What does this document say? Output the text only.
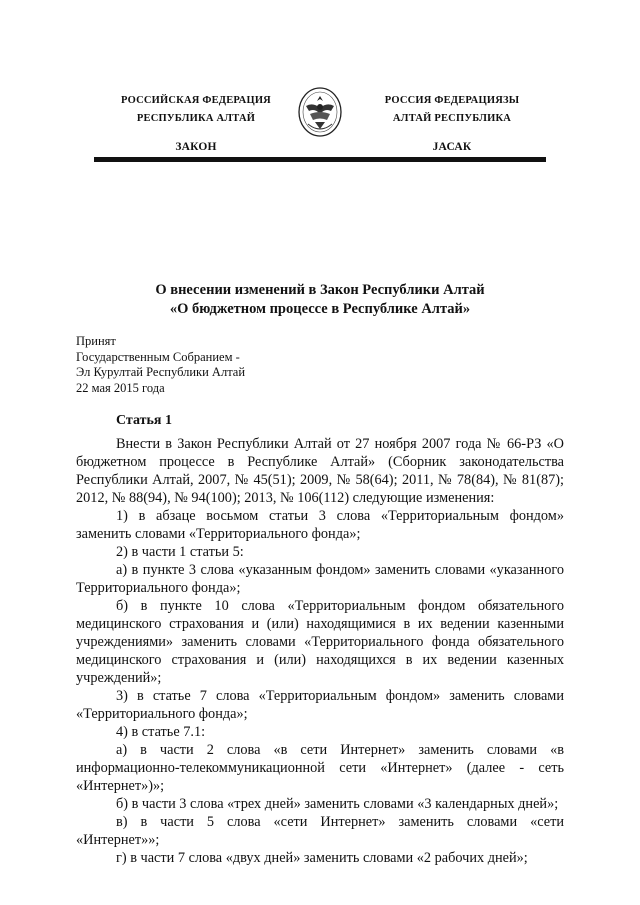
РОССИЙСКАЯ ФЕДЕРАЦИЯ
РЕСПУБЛИКА АЛТАЙ
ЗАКОН
РОССИЯ ФЕДЕРАЦИЯЗЫ
АЛТАЙ РЕСПУБЛИКА
JАСАК
О внесении изменений в Закон Республики Алтай
«О бюджетном процессе в Республике Алтай»
Принят
Государственным Собранием -
Эл Курултай Республики Алтай
22 мая 2015 года
Статья 1

Внести в Закон Республики Алтай от 27 ноября 2007 года № 66-РЗ «О бюджетном процессе в Республике Алтай» (Сборник законодательства Республики Алтай, 2007, № 45(51); 2009, № 58(64); 2011, № 78(84), № 81(87); 2012, № 88(94), № 94(100); 2013, № 106(112) следующие изменения:

1) в абзаце восьмом статьи 3 слова «Территориальным фондом» заменить словами «Территориального фонда»;

2) в части 1 статьи 5:

а) в пункте 3 слова «указанным фондом» заменить словами «указанного Территориального фонда»;

б) в пункте 10 слова «Территориальным фондом обязательного медицинского страхования и (или) находящимися в их ведении казенными учреждениями» заменить словами «Территориального фонда обязательного медицинского страхования и (или) находящихся в их ведении казенных учреждений»;

3) в статье 7 слова «Территориальным фондом» заменить словами «Территориального фонда»;

4) в статье 7.1:

а) в части 2 слова «в сети Интернет» заменить словами «в информационно-телекоммуникационной сети «Интернет» (далее - сеть «Интернет»)»;

б) в части 3 слова «трех дней» заменить словами «3 календарных дней»;

в) в части 5 слова «сети Интернет» заменить словами «сети «Интернет»»;

г) в части 7 слова «двух дней» заменить словами «2 рабочих дней»;
